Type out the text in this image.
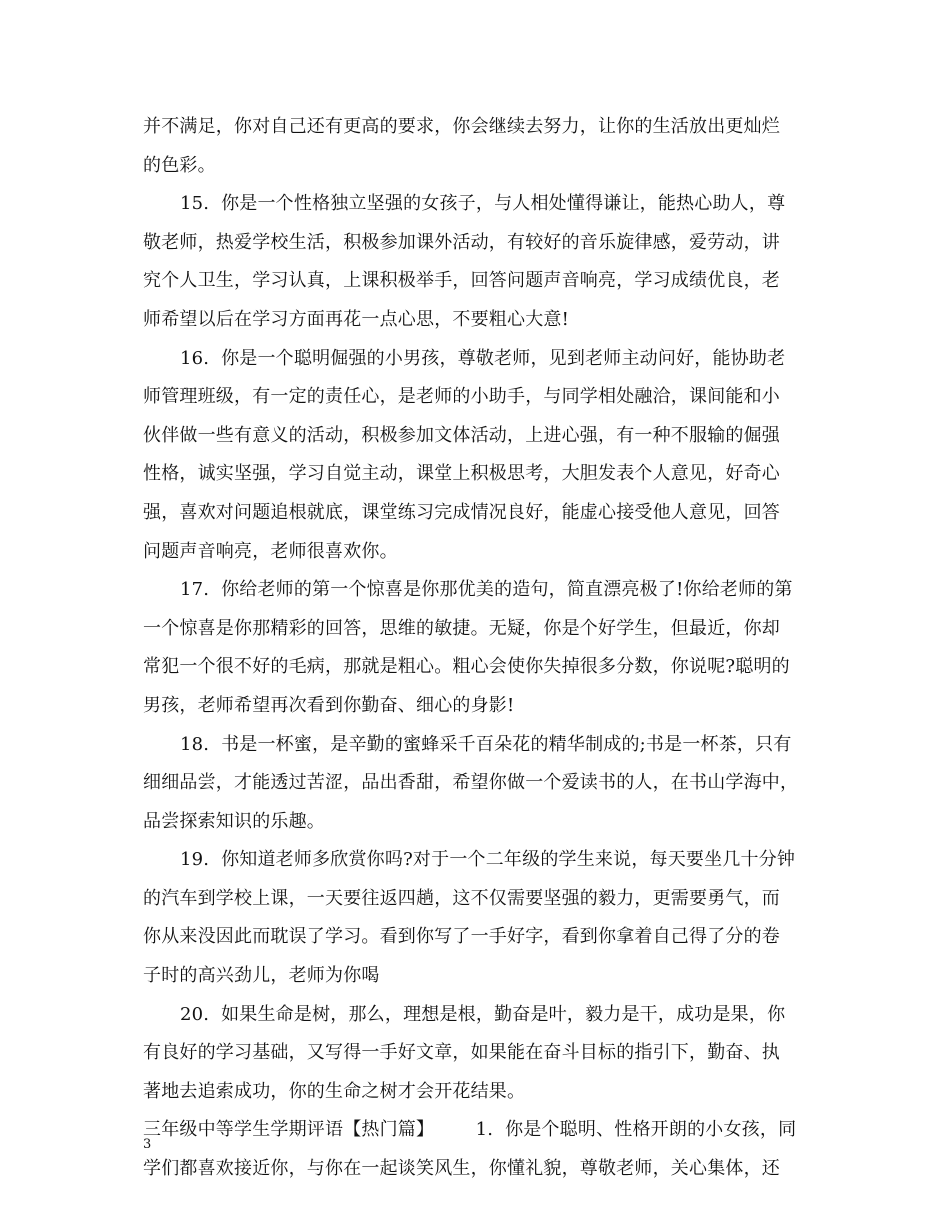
并不满足，你对自己还有更高的要求，你会继续去努力，让你的生活放出更灿烂
的色彩。
15.  你是一个性格独立坚强的女孩子，与人相处懂得谦让，能热心助人，尊
敬老师，热爱学校生活，积极参加课外活动，有较好的音乐旋律感，爱劳动，讲
究个人卫生，学习认真，上课积极举手，回答问题声音响亮，学习成绩优良，老
师希望以后在学习方面再花一点心思，不要粗心大意!
16.  你是一个聪明倔强的小男孩，尊敬老师，见到老师主动问好，能协助老
师管理班级，有一定的责任心，是老师的小助手，与同学相处融洽，课间能和小
伙伴做一些有意义的活动，积极参加文体活动，上进心强，有一种不服输的倔强
性格，诚实坚强，学习自觉主动，课堂上积极思考，大胆发表个人意见，好奇心
强，喜欢对问题追根就底，课堂练习完成情况良好，能虚心接受他人意见，回答
问题声音响亮，老师很喜欢你。
17.  你给老师的第一个惊喜是你那优美的造句，简直漂亮极了!你给老师的第
一个惊喜是你那精彩的回答，思维的敏捷。无疑，你是个好学生，但最近，你却
常犯一个很不好的毛病，那就是粗心。粗心会使你失掉很多分数，你说呢?聪明的
男孩，老师希望再次看到你勤奋、细心的身影!
18.  书是一杯蜜，是辛勤的蜜蜂采千百朵花的精华制成的;书是一杯茶，只有
细细品尝，才能透过苦涩，品出香甜，希望你做一个爱读书的人，在书山学海中，
品尝探索知识的乐趣。
19.  你知道老师多欣赏你吗?对于一个二年级的学生来说，每天要坐几十分钟
的汽车到学校上课，一天要往返四趟，这不仅需要坚强的毅力，更需要勇气，而
你从来没因此而耽误了学习。看到你写了一手好字，看到你拿着自己得了分的卷
子时的高兴劲儿，老师为你喝
20.  如果生命是树，那么，理想是根，勤奋是叶，毅力是干，成功是果，你
有良好的学习基础，又写得一手好文章，如果能在奋斗目标的指引下，勤奋、执
著地去追索成功，你的生命之树才会开花结果。
三年级中等学生学期评语【热门篇】       1.  你是个聪明、性格开朗的小女孩，同
学们都喜欢接近你，与你在一起谈笑风生，你懂礼貌，尊敬老师，关心集体，还
3
